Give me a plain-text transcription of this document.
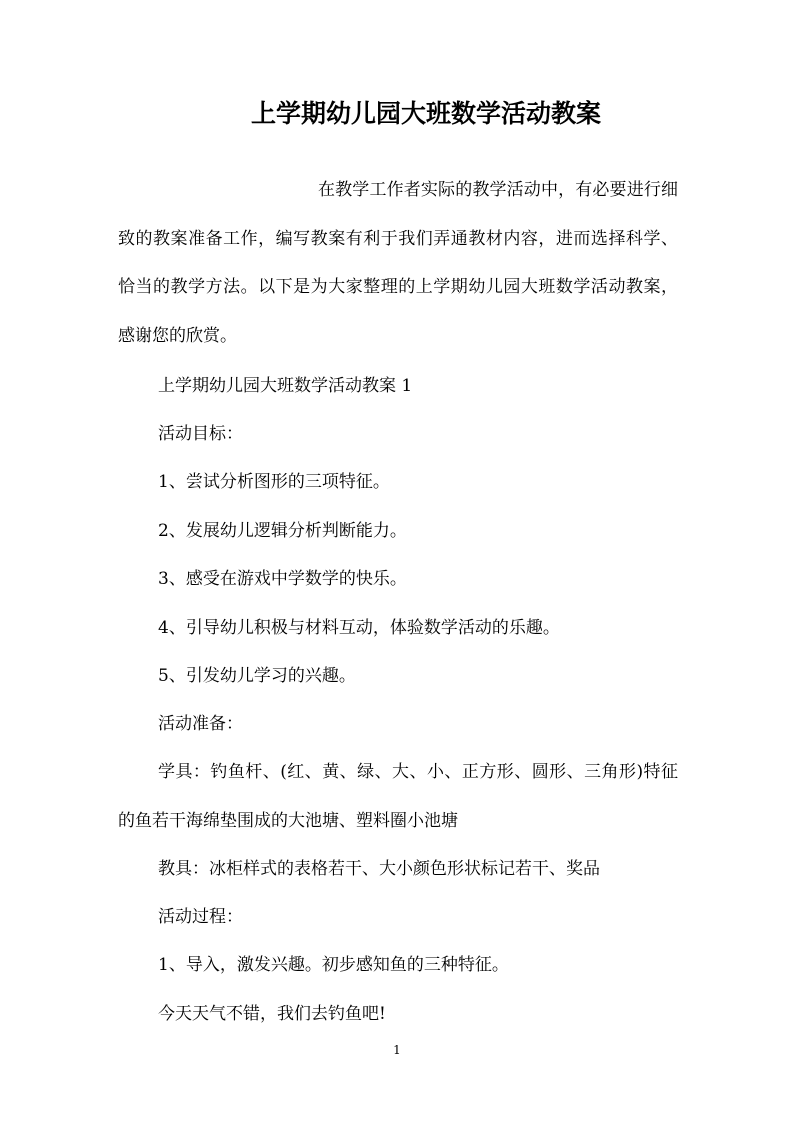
上学期幼儿园大班数学活动教案

在教学工作者实际的教学活动中，有必要进行细致的教案准备工作，编写教案有利于我们弄通教材内容，进而选择科学、恰当的教学方法。以下是为大家整理的上学期幼儿园大班数学活动教案，感谢您的欣赏。

上学期幼儿园大班数学活动教案 1

活动目标：

1、尝试分析图形的三项特征。

2、发展幼儿逻辑分析判断能力。

3、感受在游戏中学数学的快乐。

4、引导幼儿积极与材料互动，体验数学活动的乐趣。

5、引发幼儿学习的兴趣。

活动准备：

学具：钓鱼杆、(红、黄、绿、大、小、正方形、圆形、三角形)特征的鱼若干海绵垫围成的大池塘、塑料圈小池塘

教具：冰柜样式的表格若干、大小颜色形状标记若干、奖品

活动过程：

1、导入，激发兴趣。初步感知鱼的三种特征。

今天天气不错，我们去钓鱼吧!

1
